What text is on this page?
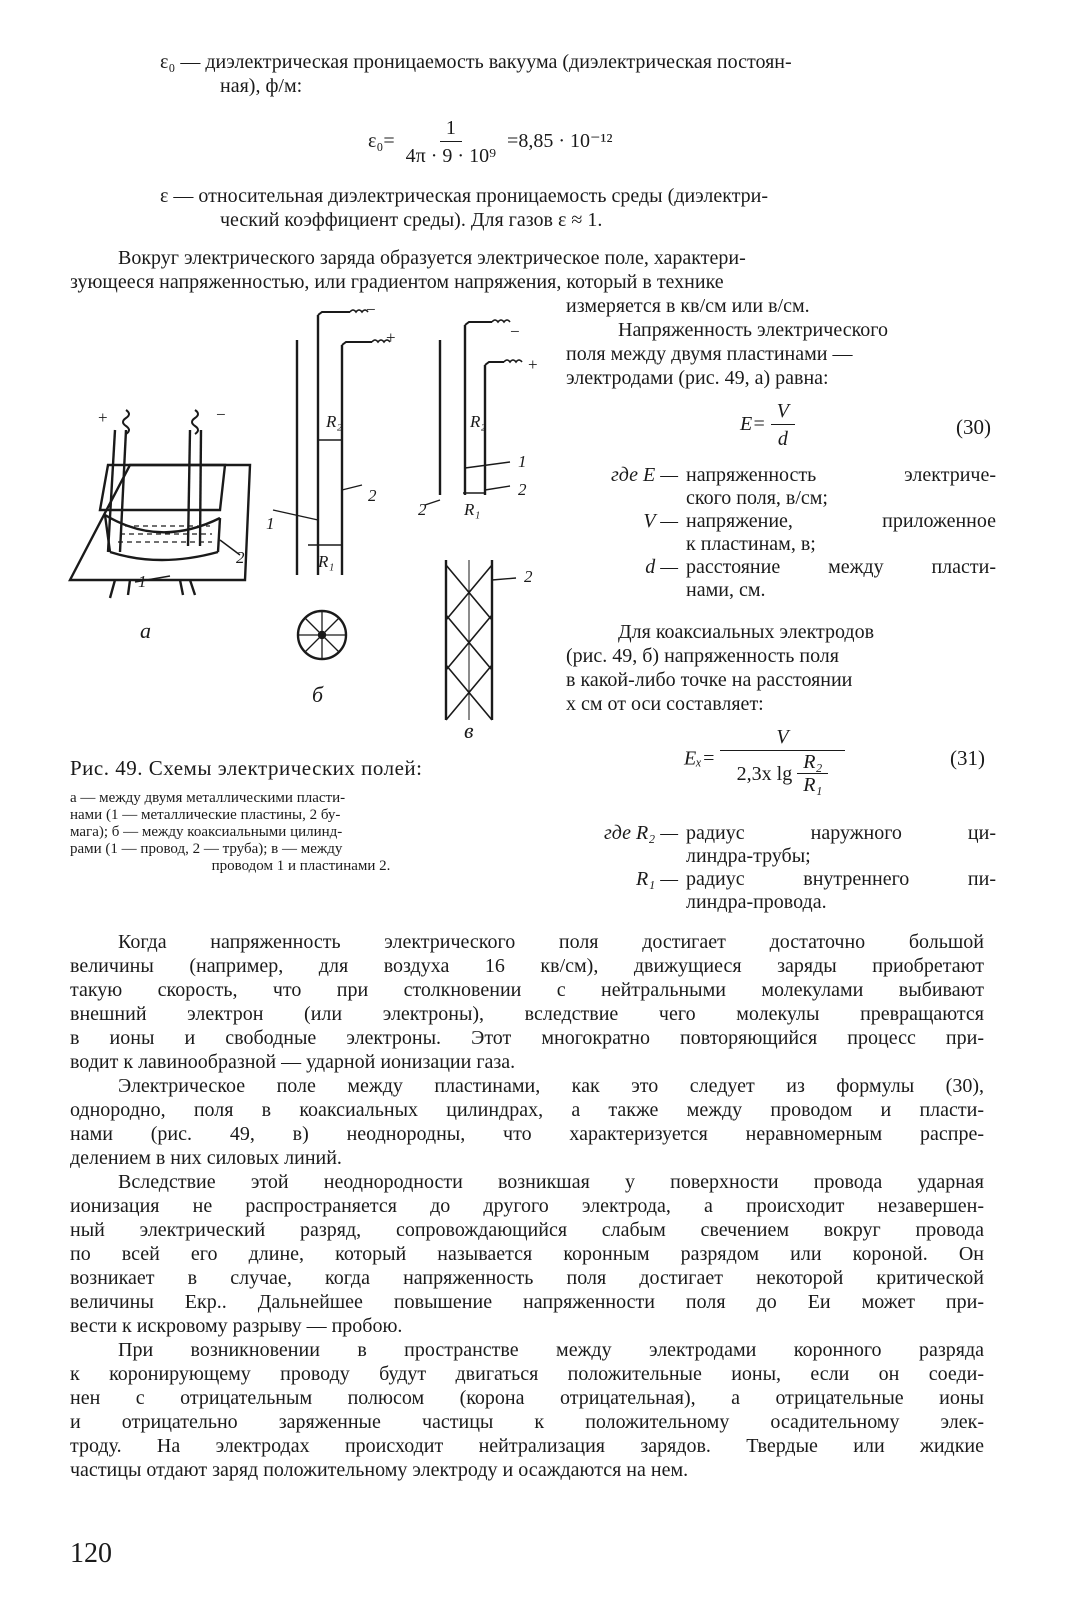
ε₀ — диэлектрическая проницаемость вакуума (диэлектрическая постоян-
ная), ф/м:
$\varepsilon_0= \frac{1}{\text{4π · 9 · 10⁹}} =8,85 \cdot 10^{-12}$
ε — относительная диэлектрическая проницаемость среды (диэлектри-
ческий коэффициент среды). Для газов ε ≈ 1.
Вокруг электрического заряда образуется электрическое поле, характери-
зующееся напряженностью, или градиентом напряжения, который в технике
измеряется в кв/см или в/см.
Напряженность электрического
поля между двумя пластинами —
электродами (рис. 49, а) равна:
$E= \frac{V}{d}$	(30)
где E — напряженность электриче-
ского поля, в/см;
V — напряжение, приложенное
к пластинам, в;
d — расстояние между пласти-
нами, см.
Для коаксиальных электродов
(рис. 49, б) напряженность поля
в какой-либо точке на расстоянии
x см от оси составляет:
Eₓ= V
2,3x lg
$\frac{\text{R₂}}{\text{R₁}}$	(31)
где R₂ — радиус наружного ци-
линдра-трубы;
R₁ — радиус внутреннего пи-
линдра-провода.
+	−
−
+	−
+
1
2
1
2
R₂
R₁
1
2
2
R₂
R₁
2
а
б
в
Рис. 49. Схемы электрических полей:
а — между двумя металлическими пласти-
нами (1 — металлические пластины, 2 бу-
мага); б — между коаксиальными цилинд-
рами (1 — провод, 2 — труба); в — между
проводом 1 и пластинами 2.
Когда напряженность электрического поля достигает достаточно большой
величины (например, для воздуха 16 кв/см), движущиеся заряды приобретают
такую скорость, что при столкновении с нейтральными молекулами выбивают
внешний электрон (или электроны), вследствие чего молекулы превращаются
в ионы и свободные электроны. Этот многократно повторяющийся процесс при-
водит к лавинообразной — ударной ионизации газа.
Электрическое поле между пластинами, как это следует из формулы (30),
однородно, поля в коаксиальных цилиндрах, а также между проводом и пласти-
нами (рис. 49, в) неоднородны, что характеризуется неравномерным распре-
делением в них силовых линий.
Вследствие этой неоднородности возникшая у поверхности провода ударная
ионизация не распространяется до другого электрода, а происходит незавершен-
ный электрический разряд, сопровождающийся слабым свечением вокруг провода
по всей его длине, который называется коронным разрядом или короной. Он
возникает в случае, когда напряженность поля достигает некоторой критической
величины Eкр.. Дальнейшее повышение напряженности поля до Eи может при-
вести к искровому разрыву — пробою.
При возникновении в пространстве между электродами коронного разряда
к коронирующему проводу будут двигаться положительные ионы, если он соеди-
нен с отрицательным полюсом (корона отрицательная), а отрицательные ионы
и отрицательно заряженные частицы к положительному осадительному элек-
троду. На электродах происходит нейтрализация зарядов. Твердые или жидкие
частицы отдают заряд положительному электроду и осаждаются на нем.
120
